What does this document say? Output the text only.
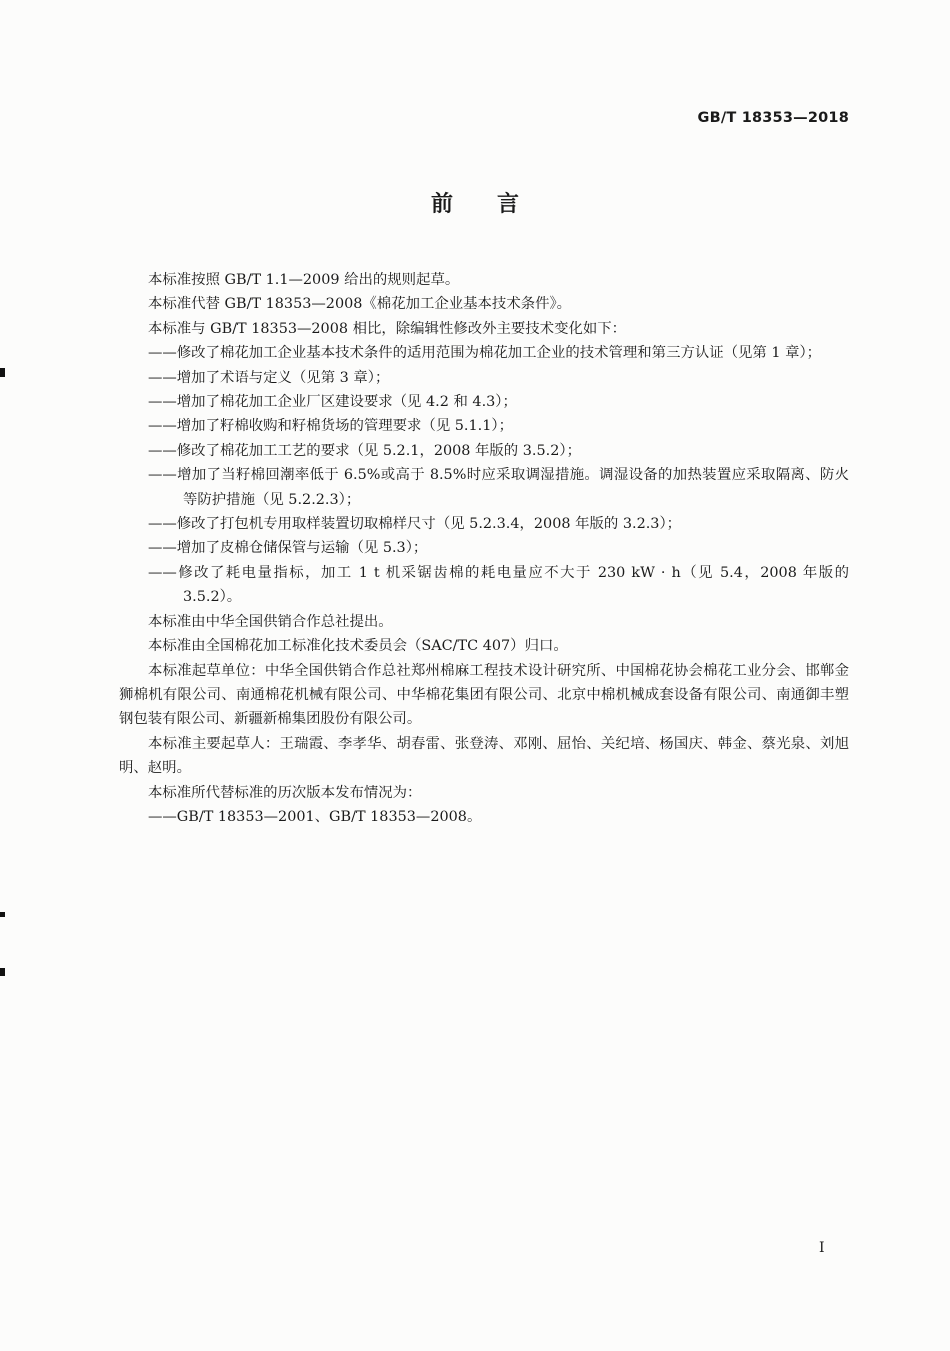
GB/T 18353—2018
前言

本标准按照 GB/T 1.1—2009 给出的规则起草。

本标准代替 GB/T 18353—2008《棉花加工企业基本技术条件》。

本标准与 GB/T 18353—2008 相比，除编辑性修改外主要技术变化如下：

——修改了棉花加工企业基本技术条件的适用范围为棉花加工企业的技术管理和第三方认证（见第 1 章）；

——增加了术语与定义（见第 3 章）；

——增加了棉花加工企业厂区建设要求（见 4.2 和 4.3）；

——增加了籽棉收购和籽棉货场的管理要求（见 5.1.1）；

——修改了棉花加工工艺的要求（见 5.2.1，2008 年版的 3.5.2）；

——增加了当籽棉回潮率低于 6.5%或高于 8.5%时应采取调湿措施。调湿设备的加热装置应采取隔离、防火等防护措施（见 5.2.2.3）；

——修改了打包机专用取样装置切取棉样尺寸（见 5.2.3.4，2008 年版的 3.2.3）；

——增加了皮棉仓储保管与运输（见 5.3）；

——修改了耗电量指标，加工 1 t 机采锯齿棉的耗电量应不大于 230 kW · h（见 5.4，2008 年版的 3.5.2）。

本标准由中华全国供销合作总社提出。

本标准由全国棉花加工标准化技术委员会（SAC/TC 407）归口。

本标准起草单位：中华全国供销合作总社郑州棉麻工程技术设计研究所、中国棉花协会棉花工业分会、邯郸金狮棉机有限公司、南通棉花机械有限公司、中华棉花集团有限公司、北京中棉机械成套设备有限公司、南通御丰塑钢包装有限公司、新疆新棉集团股份有限公司。

本标准主要起草人：王瑞霞、李孝华、胡春雷、张登涛、邓刚、屈怡、关纪培、杨国庆、韩金、蔡光泉、刘旭明、赵明。

本标准所代替标准的历次版本发布情况为：

——GB/T 18353—2001、GB/T 18353—2008。

I
